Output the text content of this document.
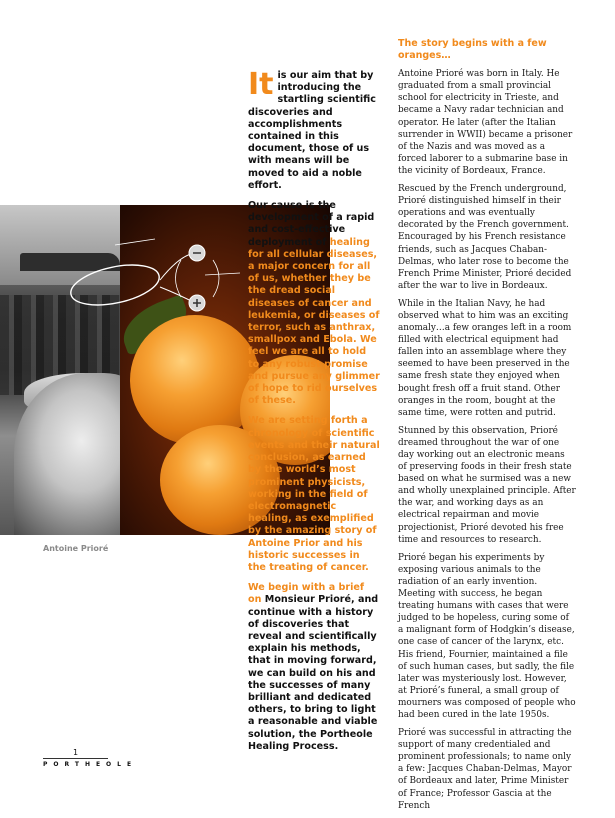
Antoine Prioré

It is our aim that by introducing the startling scientific discoveries and accomplishments contained in this document, those of us with means will be moved to aid a noble effort.

Our cause is the development of a rapid and cost-effective deployment of healing for all cellular diseases, a major concern for all of us, whether they be the dread social diseases of cancer and leukemia, or diseases of terror, such as anthrax, smallpox and Ebola. We feel we are all to hold to any robust promise and pursue any glimmer of hope to rid ourselves of these.

We are setting forth a chronology of scientific events and their natural conclusion, as earned by the world’s most prominent physicists, working in the field of electromagnetic healing, as exemplified by the amazing story of Antoine Prior and his historic successes in the treating of cancer.

We begin with a brief on Monsieur Prioré, and continue with a history of discoveries that reveal and scientifically explain his methods, that in moving forward, we can build on his and the successes of many brilliant and dedicated others, to bring to light a reasonable and viable solution, the Portheole Healing Process.

The story begins with a few oranges…

Antoine Prioré was born in Italy. He graduated from a small provincial school for electricity in Trieste, and became a Navy radar technician and operator. He later (after the Italian surrender in WWII) became a prisoner of the Nazis and was moved as a forced laborer to a submarine base in the vicinity of Bordeaux, France.

Rescued by the French underground, Prioré distinguished himself in their operations and was eventually decorated by the French government. Encouraged by his French resistance friends, such as Jacques Chaban-Delmas, who later rose to become the French Prime Minister, Prioré decided after the war to live in Bordeaux.

While in the Italian Navy, he had observed what to him was an exciting anomaly…a few oranges left in a room filled with electrical equipment had fallen into an assemblage where they seemed to have been preserved in the same fresh state they enjoyed when bought fresh off a fruit stand. Other oranges in the room, bought at the same time, were rotten and putrid.

Stunned by this observation, Prioré dreamed throughout the war of one day working out an electronic means of preserving foods in their fresh state based on what he surmised was a new and wholly unexplained principle. After the war, and working days as an electrical repairman and movie projectionist, Prioré devoted his free time and resources to research.

Prioré began his experiments by exposing various animals to the radiation of an early invention. Meeting with success, he began treating humans with cases that were judged to be hopeless, curing some of a malignant form of Hodgkin’s disease, one case of cancer of the larynx, etc. His friend, Fournier, maintained a file of such human cases, but sadly, the file later was mysteriously lost. However, at Prioré’s funeral, a small group of mourners was composed of people who had been cured in the late 1950s.

Prioré was successful in attracting the support of many credentialed and prominent professionals; to name only a few: Jacques Chaban-Delmas, Mayor of Bordeaux and later, Prime Minister of France; Professor Gascia at the French

1
PORTHEOLE
